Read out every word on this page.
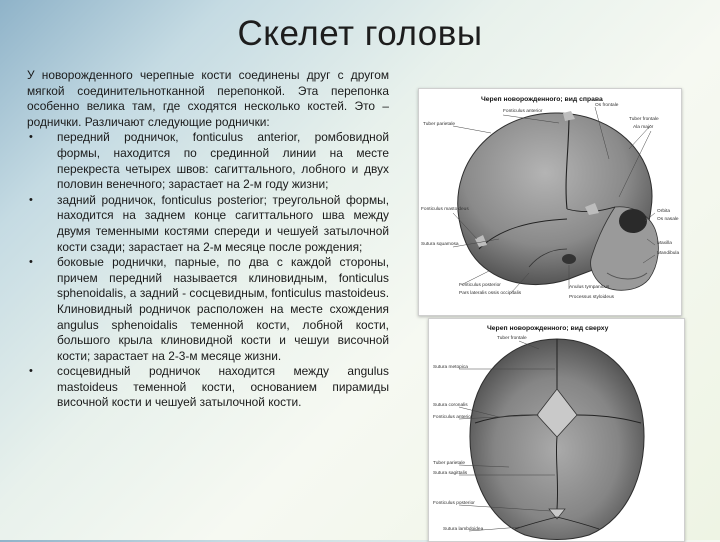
Скелет головы

У новорожденного черепные кости соединены друг с другом мягкой соединительнотканной перепонкой. Эта перепонка особенно велика там, где сходятся несколько костей. Это – роднички. Различают следующие роднички:

• передний родничок, fonticulus anterior, ромбовидной формы, находится по срединной линии на месте перекреста четырех швов: сагиттального, лобного и двух половин венечного; зарастает на 2-м году жизни;
• задний родничок, fonticulus posterior; треугольной формы, находится на заднем конце сагиттального шва между двумя теменными костями спереди и чешуей затылочной кости сзади; зарастает на 2-м месяце после рождения;
• боковые роднички, парные, по два с каждой стороны, причем передний называется клиновидным, fonticulus sphenoidalis, а задний - сосцевидным, fonticulus mastoideus. Клиновидный родничок расположен на месте схождения angulus sphenoidalis теменной кости, лобной кости, большого крыла клиновидной кости и чешуи височной кости; зарастает на 2-3-м месяце жизни.
• сосцевидный родничок находится между angulus mastoideus теменной кости, основанием пирамиды височной кости и чешуей затылочной кости.
Череп новорожденного; вид справа
Tuber parietale
Fonticulus anterior
Os frontale
Tuber frontale
Ala major
Fonticulus mastoideus
Sutura squamosa
Orbita
Os nasale
Maxilla
Mandibula
Fonticulus posterior
Pars lateralis ossis occipitalis
Anulus tympanicus
Processus styloideus
Череп новорожденного; вид сверху
Tuber frontale
Sutura metopica
Sutura coronalis
Fonticulus anterior
Tuber parietale
Sutura sagittalis
Fonticulus posterior
Sutura lambdoidea
